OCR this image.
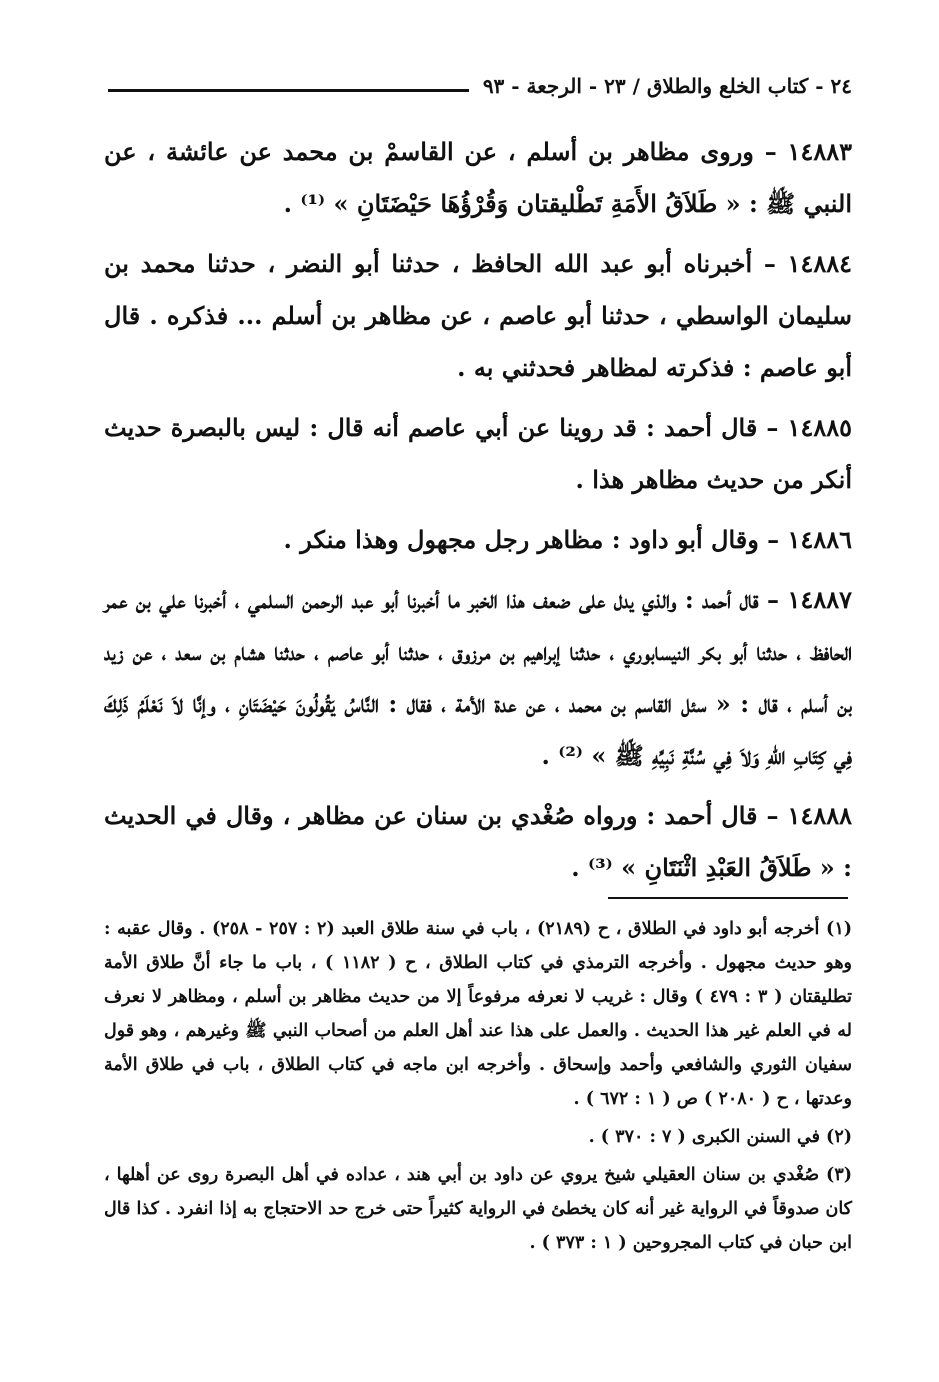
٢٤ - كتاب الخلع والطلاق / ٢٣ - الرجعة - ٩٣

١٤٨٨٣ – وروى مظاهر بن أسلم ، عن القاسمْ بن محمد عن عائشة ، عن النبي ﷺ : « طَلاَقُ الأَمَةِ تَطْليقتان وَقُرْؤُهَا حَيْضَتَانِ » ⁽¹⁾ .

١٤٨٨٤ – أخبرناه أبو عبد الله الحافظ ، حدثنا أبو النضر ، حدثنا محمد بن سليمان الواسطي ، حدثنا أبو عاصم ، عن مظاهر بن أسلم ... فذكره . قال أبو عاصم : فذكرته لمظاهر فحدثني به .

١٤٨٨٥ – قال أحمد : قد روينا عن أبي عاصم أنه قال : ليس بالبصرة حديث أنكر من حديث مظاهر هذا .

١٤٨٨٦ – وقال أبو داود : مظاهر رجل مجهول وهذا منكر .

١٤٨٨٧ – قال أحمد : والذي يدل على ضعف هذا الخبر ما أخبرنا أبو عبد الرحمن السلمي ، أخبرنا علي بن عمر الحافظ ، حدثنا أبو بكر النيسابوري ، حدثنا إبراهيم بن مرزوق ، حدثنا أبو عاصم ، حدثنا هشام بن سعد ، عن زيد بن أسلم ، قال : « سئل القاسم بن محمد ، عن عدة الأمة ، فقال : النَّاسُ يَقُولُونَ حَيْضَتَانِ ، وإنَّا لاَ نَعْلَمُ ذَلِكَ فِي كِتَابِ اللّهِ وَلاَ فِي سُنَّةِ نَبِيِّهِ ﷺ » ⁽²⁾ .

١٤٨٨٨ – قال أحمد : ورواه صُغْدي بن سنان عن مظاهر ، وقال في الحديث : « طَلاَقُ العَبْدِ اثْنَتَانِ » ⁽³⁾ .

(١) أخرجه أبو داود في الطلاق ، ح (٢١٨٩) ، باب في سنة طلاق العبد (٢ : ٢٥٧ - ٢٥٨) . وقال عقبه : وهو حديث مجهول . وأخرجه الترمذي في كتاب الطلاق ، ح ( ١١٨٢ ) ، باب ما جاء أنَّ طلاق الأمة تطليقتان ( ٣ : ٤٧٩ ) وقال : غريب لا نعرفه مرفوعاً إلا من حديث مظاهر بن أسلم ، ومظاهر لا نعرف له في العلم غير هذا الحديث . والعمل على هذا عند أهل العلم من أصحاب النبي ﷺ وغيرهم ، وهو قول سفيان الثوري والشافعي وأحمد وإسحاق . وأخرجه ابن ماجه في كتاب الطلاق ، باب في طلاق الأمة وعدتها ، ح ( ٢٠٨٠ ) ص ( ١ : ٦٧٢ ) .

(٢) في السنن الكبرى ( ٧ : ٣٧٠ ) .

(٣) صُغْدي بن سنان العقيلي شيخ يروي عن داود بن أبي هند ، عداده في أهل البصرة روى عن أهلها ، كان صدوقاً في الرواية غير أنه كان يخطئ في الرواية كثيراً حتى خرج حد الاحتجاج به إذا انفرد . كذا قال ابن حبان في كتاب المجروحين ( ١ : ٣٧٣ ) .
